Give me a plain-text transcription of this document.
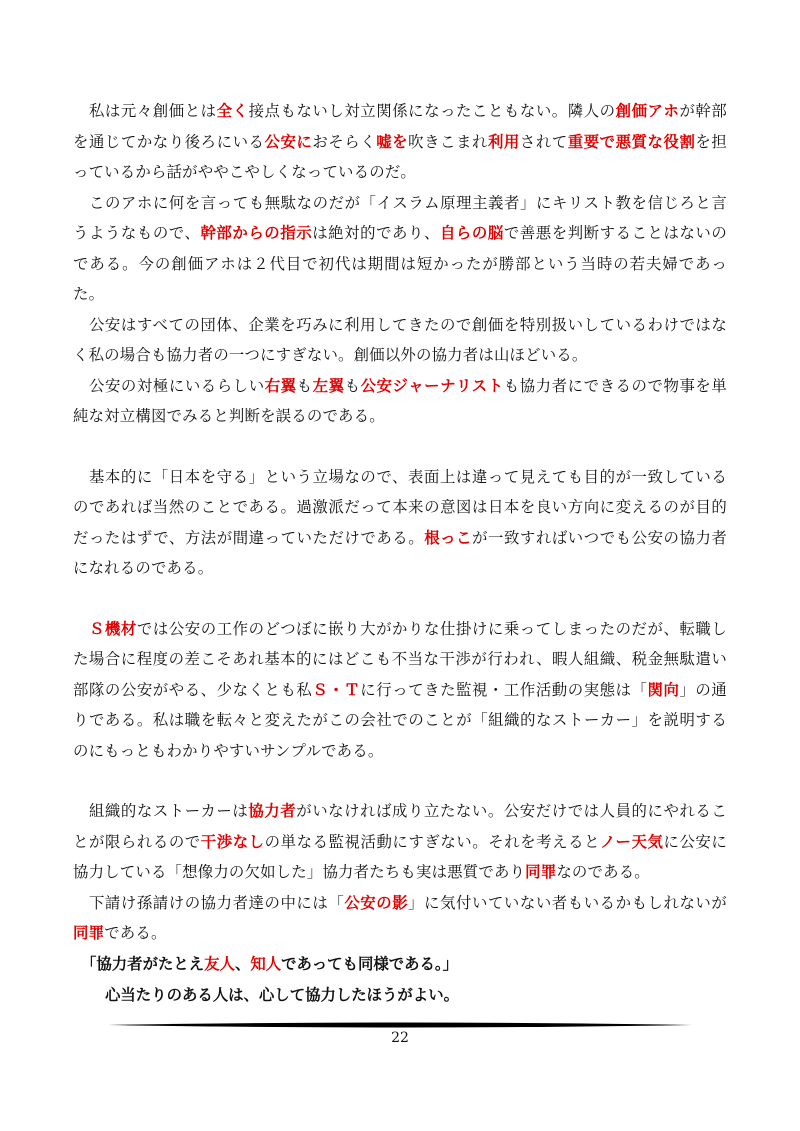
　私は元々創価とは全く接点もないし対立関係になったこともない。隣人の創価アホが幹部を通じてかなり後ろにいる公安におそらく嘘を吹きこまれ利用されて重要で悪質な役割を担っているから話がややこやしくなっているのだ。

　このアホに何を言っても無駄なのだが「イスラム原理主義者」にキリスト教を信じろと言うようなもので、幹部からの指示は絶対的であり、自らの脳で善悪を判断することはないのである。今の創価アホは２代目で初代は期間は短かったが勝部という当時の若夫婦であった。

　公安はすべての団体、企業を巧みに利用してきたので創価を特別扱いしているわけではなく私の場合も協力者の一つにすぎない。創価以外の協力者は山ほどいる。

　公安の対極にいるらしい右翼も左翼も公安ジャーナリストも協力者にできるので物事を単純な対立構図でみると判断を誤るのである。

　基本的に「日本を守る」という立場なので、表面上は違って見えても目的が一致しているのであれば当然のことである。過激派だって本来の意図は日本を良い方向に変えるのが目的だったはずで、方法が間違っていただけである。根っこが一致すればいつでも公安の協力者になれるのである。

　Ｓ機材では公安の工作のどつぼに嵌り大がかりな仕掛けに乗ってしまったのだが、転職した場合に程度の差こそあれ基本的にはどこも不当な干渉が行われ、暇人組織、税金無駄遣い部隊の公安がやる、少なくとも私Ｓ・Ｔに行ってきた監視・工作活動の実態は「関向」の通りである。私は職を転々と変えたがこの会社でのことが「組織的なストーカー」を説明するのにもっともわかりやすいサンプルである。

　組織的なストーカーは協力者がいなければ成り立たない。公安だけでは人員的にやれることが限られるので干渉なしの単なる監視活動にすぎない。それを考えるとノー天気に公安に協力している「想像力の欠如した」協力者たちも実は悪質であり同罪なのである。

　下請け孫請けの協力者達の中には「公安の影」に気付いていない者もいるかもしれないが同罪である。

「協力者がたとえ友人、知人であっても同様である。」

心当たりのある人は、心して協力したほうがよい。

22
